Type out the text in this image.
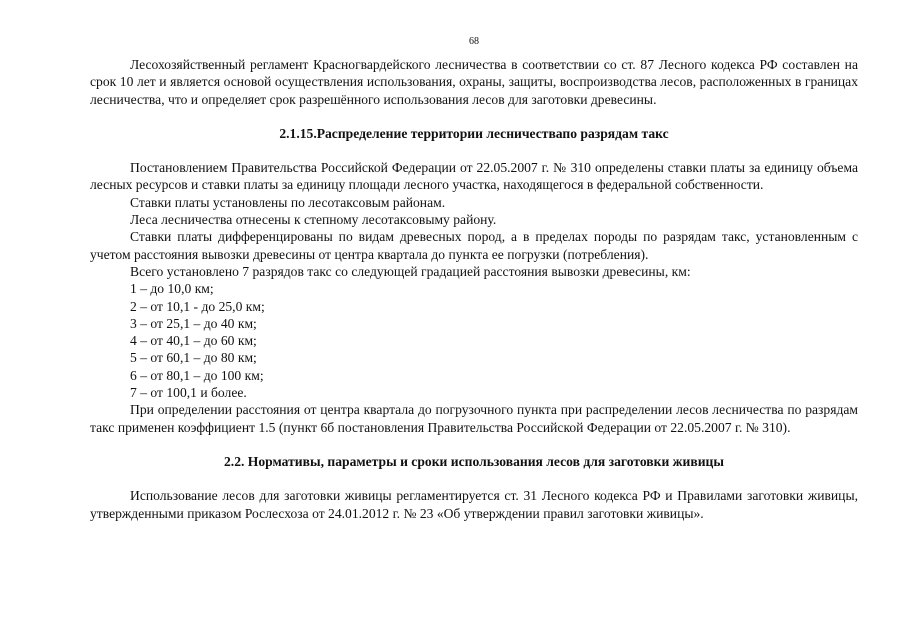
68

Лесохозяйственный регламент Красногвардейского лесничества в соответствии со ст. 87 Лесного кодекса РФ составлен на срок 10 лет и является основой осуществления использования, охраны, защиты, воспроизводства лесов, расположенных в границах лесничества, что и определяет срок разрешённого использования лесов для заготовки древесины.

2.1.15.Распределение территории лесничествапо разрядам такс

Постановлением Правительства Российской Федерации от 22.05.2007 г. № 310 определены ставки платы за единицу объема лесных ресурсов и ставки платы за единицу площади лесного участка, находящегося в федеральной собственности.

Ставки платы установлены по лесотаксовым районам.

Леса лесничества отнесены к степному лесотаксовыму району.

Ставки платы дифференцированы по видам древесных пород, а в пределах породы по разрядам такс, установленным с учетом расстояния вывозки древесины от центра квартала до пункта ее погрузки (потребления).

Всего установлено 7 разрядов такс со следующей градацией расстояния вывозки древесины, км:

1 – до 10,0 км;
2 – от 10,1 - до 25,0 км;
3 – от 25,1 – до 40 км;
4 – от 40,1 – до 60 км;
5 – от 60,1 – до 80 км;
6 – от 80,1 – до 100 км;
7 – от 100,1 и более.

При определении расстояния от центра квартала до погрузочного пункта при распределении лесов лесничества по разрядам такс применен коэффициент 1.5 (пункт 6б постановления Правительства Российской Федерации от 22.05.2007 г. № 310).

2.2. Нормативы, параметры и сроки использования лесов для заготовки живицы

Использование лесов для заготовки живицы регламентируется ст. 31 Лесного кодекса РФ и Правилами заготовки живицы, утвержденными приказом Рослесхоза от 24.01.2012 г. № 23 «Об утверждении правил заготовки живицы».
